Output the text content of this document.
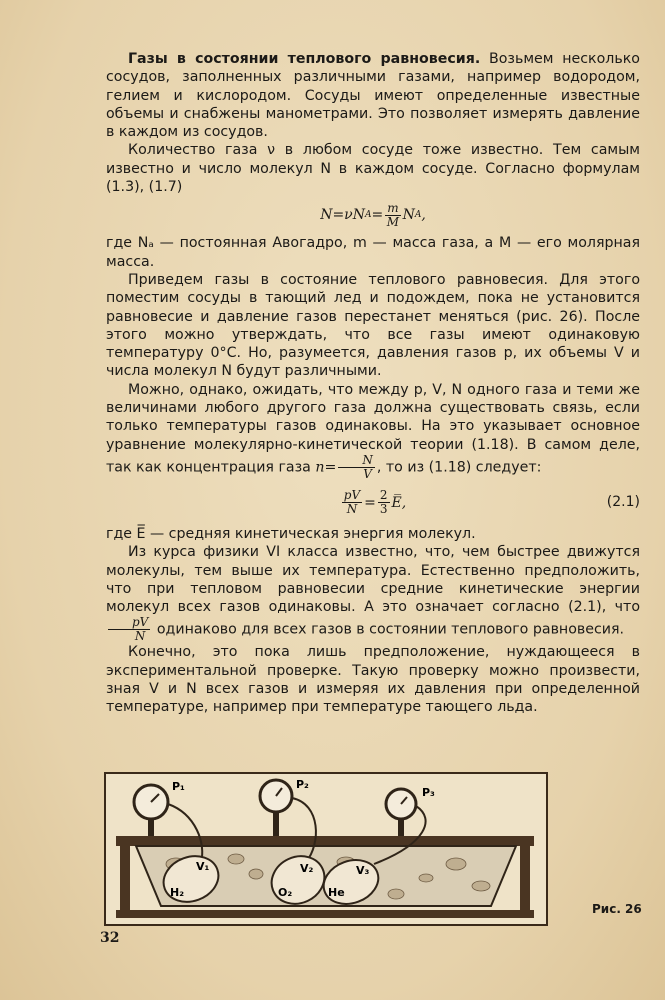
Газы в состоянии теплового равновесия. Возьмем несколько сосудов, заполненных различными газами, например водородом, гелием и кислородом. Сосуды имеют определенные известные объемы и снабжены манометрами. Это позволяет измерять давление в каждом из сосудов.

Количество газа ν в любом сосуде тоже известно. Тем самым известно и число молекул N в каждом сосуде. Согласно формулам (1.3), (1.7)

N=νN $A = \frac{m}{M}$ N A ,

где Nₐ — постоянная Авогадро, m — масса газа, а M — его молярная масса.

Приведем газы в состояние теплового равновесия. Для этого поместим сосуды в тающий лед и подождем, пока не установится равновесие и давление газов перестанет меняться (рис. 26). После этого можно утверждать, что все газы имеют одинаковую температуру 0°С. Но, разумеется, давления газов p, их объемы V и числа молекул N будут различными.

Можно, однако, ожидать, что между p, V, N одного газа и теми же величинами любого другого газа должна существовать связь, если только температуры газов одинаковы. На это указывает основное уравнение молекулярно-кинетической теории (1.18). В самом деле, так как концентрация газа $n= \frac{N}{V}$ , то из (1.18) следует:

$\frac{pV}{N} = \frac{2}{3}$ E̅,	(2.1)

где E̅ — средняя кинетическая энергия молекул.

Из курса физики VI класса известно, что, чем быстрее движутся молекулы, тем выше их температура. Естественно предположить, что при тепловом равновесии средние кинетические энергии молекул всех газов одинаковы. А это означает согласно (2.1), что
$\frac{pV}{N}$ одинаково для всех газов в состоянии теплового равновесия.

Конечно, это пока лишь предположение, нуждающееся в экспериментальной проверке. Такую проверку можно произвести, зная V и N всех газов и измеряя их давления при определенной температуре, например при температуре тающего льда.

P₁	P₂
P₃
V₁
H₂
V₂
O₂
V₃
He
Рис. 26
32
